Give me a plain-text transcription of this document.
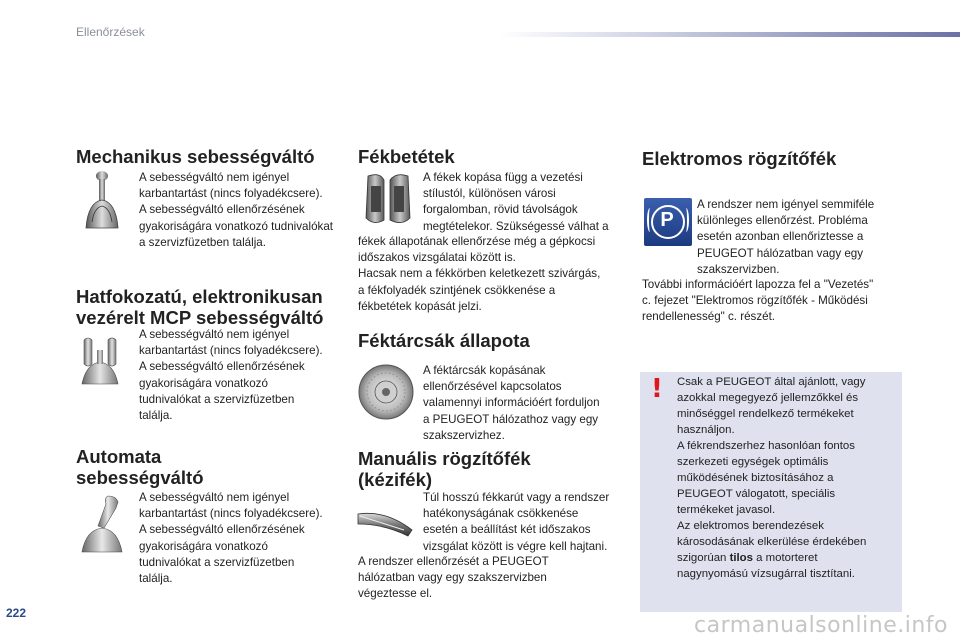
Ellenőrzések
Mechanikus sebességváltó
A sebességváltó nem igényel
karbantartást (nincs folyadékcsere).
A sebességváltó ellenőrzésének
gyakoriságára vonatkozó tudnivalókat
a szervizfüzetben találja.
Hatfokozatú, elektronikusan
vezérelt MCP sebességváltó
A sebességváltó nem igényel
karbantartást (nincs folyadékcsere).
A sebességváltó ellenőrzésének
gyakoriságára vonatkozó
tudnivalókat a szervizfüzetben
találja.
Automata
sebességváltó
A sebességváltó nem igényel
karbantartást (nincs folyadékcsere).
A sebességváltó ellenőrzésének
gyakoriságára vonatkozó
tudnivalókat a szervizfüzetben
találja.
Fékbetétek
A fékek kopása függ a vezetési
stílustól, különösen városi
forgalomban, rövid távolságok
megtételekor. Szükségessé válhat a
fékek állapotának ellenőrzése még a gépkocsi
időszakos vizsgálatai között is.
Hacsak nem a fékkörben keletkezett szivárgás,
a fékfolyadék szintjének csökkenése a
fékbetétek kopását jelzi.
Féktárcsák állapota
A féktárcsák kopásának
ellenőrzésével kapcsolatos
valamennyi információért forduljon
a PEUGEOT hálózathoz vagy egy
szakszervizhez.
Manuális rögzítőfék
(kézifék)
Túl hosszú fékkarút vagy a rendszer
hatékonyságának csökkenése
esetén a beállítást két időszakos
vizsgálat között is végre kell hajtani.
A rendszer ellenőrzését a PEUGEOT
hálózatban vagy egy szakszervizben
végeztesse el.
Elektromos rögzítőfék
P
A rendszer nem igényel semmiféle
különleges ellenőrzést. Probléma
esetén azonban ellenőriztesse a
PEUGEOT hálózatban vagy egy
szakszervizben.
További információért lapozza fel a "Vezetés"
c. fejezet "Elektromos rögzítőfék - Működési
rendellenesség" c. részét.
! Csak a PEUGEOT által ajánlott, vagy
azokkal megegyező jellemzőkkel és
minőséggel rendelkező termékeket
használjon.
A fékrendszerhez hasonlóan fontos
szerkezeti egységek optimális
működésének biztosításához a
PEUGEOT válogatott, speciális
termékeket javasol.
Az elektromos berendezések
károsodásának elkerülése érdekében
szigorúan tilos a motorteret
nagynyomású vízsugárral tisztítani.
222	carmanualsonline.info
